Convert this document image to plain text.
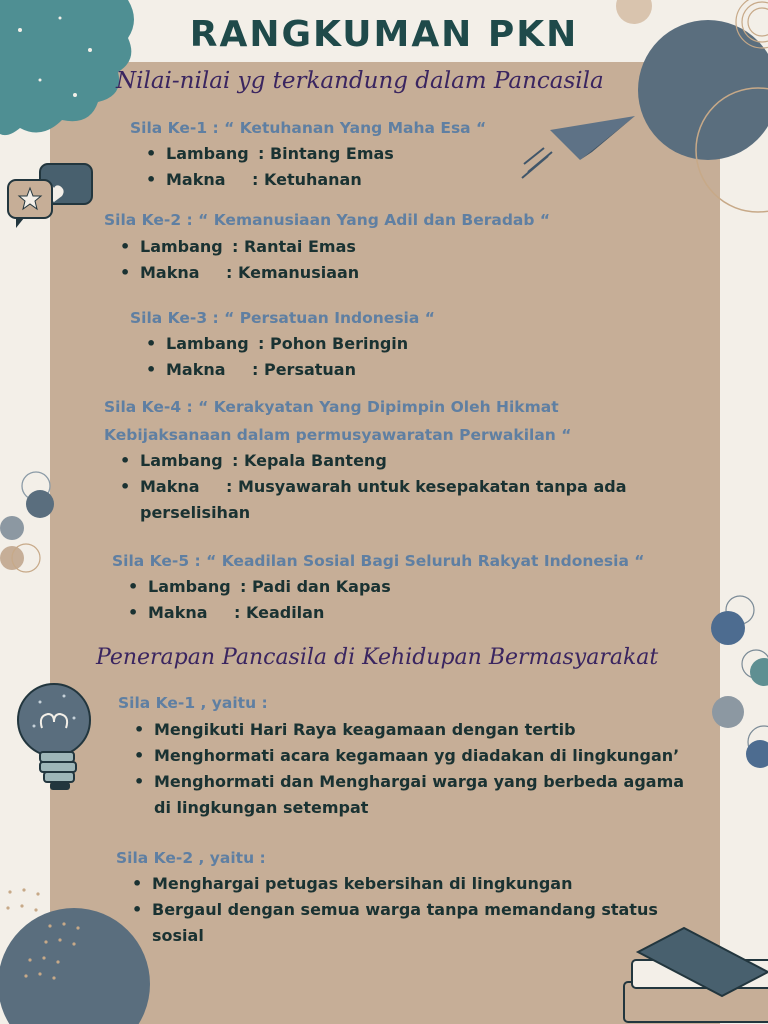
RANGKUMAN PKN
Nilai-nilai yg terkandung dalam Pancasila
Sila Ke-1 : “ Ketuhanan Yang Maha Esa “
• Lambang : Bintang Emas
• Makna : Ketuhanan
Sila Ke-2 : “ Kemanusiaan Yang Adil dan Beradab “
• Lambang : Rantai Emas
• Makna : Kemanusiaan
Sila Ke-3 : “ Persatuan Indonesia “
• Lambang : Pohon Beringin
• Makna : Persatuan
Sila Ke-4 : “ Kerakyatan Yang Dipimpin Oleh Hikmat
Kebijaksanaan dalam permusyawaratan Perwakilan “
• Lambang : Kepala Banteng
• Makna : Musyawarah untuk kesepakatan tanpa ada
perselisihan
Sila Ke-5 : “ Keadilan Sosial Bagi Seluruh Rakyat Indonesia “
• Lambang : Padi dan Kapas
• Makna : Keadilan
Penerapan Pancasila di Kehidupan Bermasyarakat
Sila Ke-1 , yaitu :
• Mengikuti Hari Raya keagamaan dengan tertib
• Menghormati acara kegamaan yg diadakan di lingkungan’
• Menghormati dan Menghargai warga yang berbeda agama
di lingkungan setempat
Sila Ke-2 , yaitu :
• Menghargai petugas kebersihan di lingkungan
• Bergaul dengan semua warga tanpa memandang status
sosial
